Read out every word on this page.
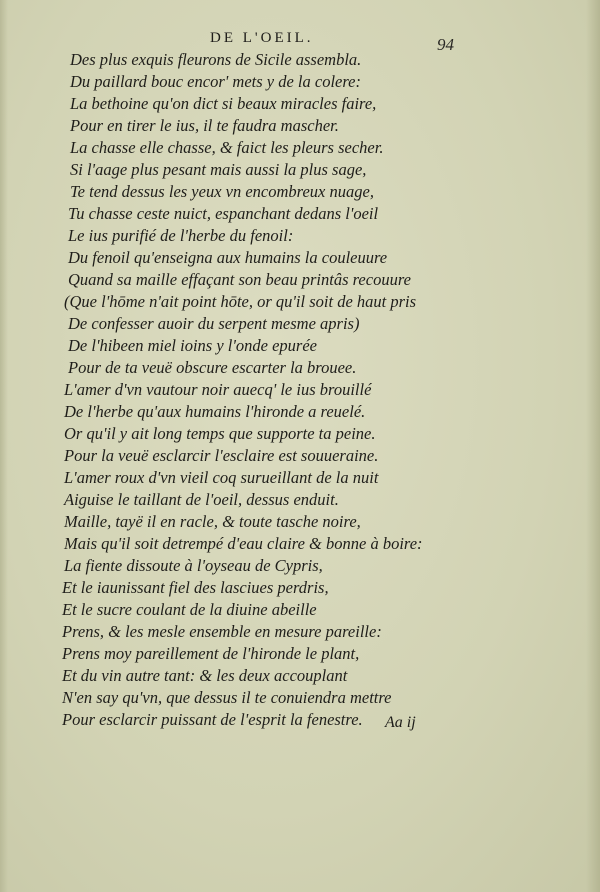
DE L'OEIL.	94
Des plus exquis fleurons de Sicile assembla.
Du paillard bouc encor' mets y de la colere:
La bethoine qu'on dict si beaux miracles faire,
Pour en tirer le ius, il te faudra mascher.
La chasse elle chasse, & faict les pleurs secher.
Si l'aage plus pesant mais aussi la plus sage,
Te tend dessus les yeux vn encombreux nuage,
Tu chasse ceste nuict, espanchant dedans l'oeil
Le ius purifié de l'herbe du fenoil:
Du fenoil qu'enseigna aux humains la couleuure
Quand sa maille effaçant son beau printâs recouure
(Que l'hōme n'ait point hōte, or qu'il soit de haut pris
De confesser auoir du serpent mesme apris)
De l'hibeen miel ioins y l'onde epurée
Pour de ta veuë obscure escarter la brouee.
L'amer d'vn vautour noir auecq' le ius brouillé
De l'herbe qu'aux humains l'hironde a reuelé.
Or qu'il y ait long temps que supporte ta peine.
Pour la veuë esclarcir l'esclaire est souueraine.
L'amer roux d'vn vieil coq surueillant de la nuit
Aiguise le taillant de l'oeil, dessus enduit.
Maille, tayë il en racle, & toute tasche noire,
Mais qu'il soit detrempé d'eau claire & bonne à boire:
La fiente dissoute à l'oyseau de Cypris,
Et le iaunissant fiel des lasciues perdris,
Et le sucre coulant de la diuine abeille
Prens, & les mesle ensemble en mesure pareille:
Prens moy pareillement de l'hironde le plant,
Et du vin autre tant: & les deux accouplant
N'en say qu'vn, que dessus il te conuiendra mettre
Pour esclarcir puissant de l'esprit la fenestre. Aa ij
